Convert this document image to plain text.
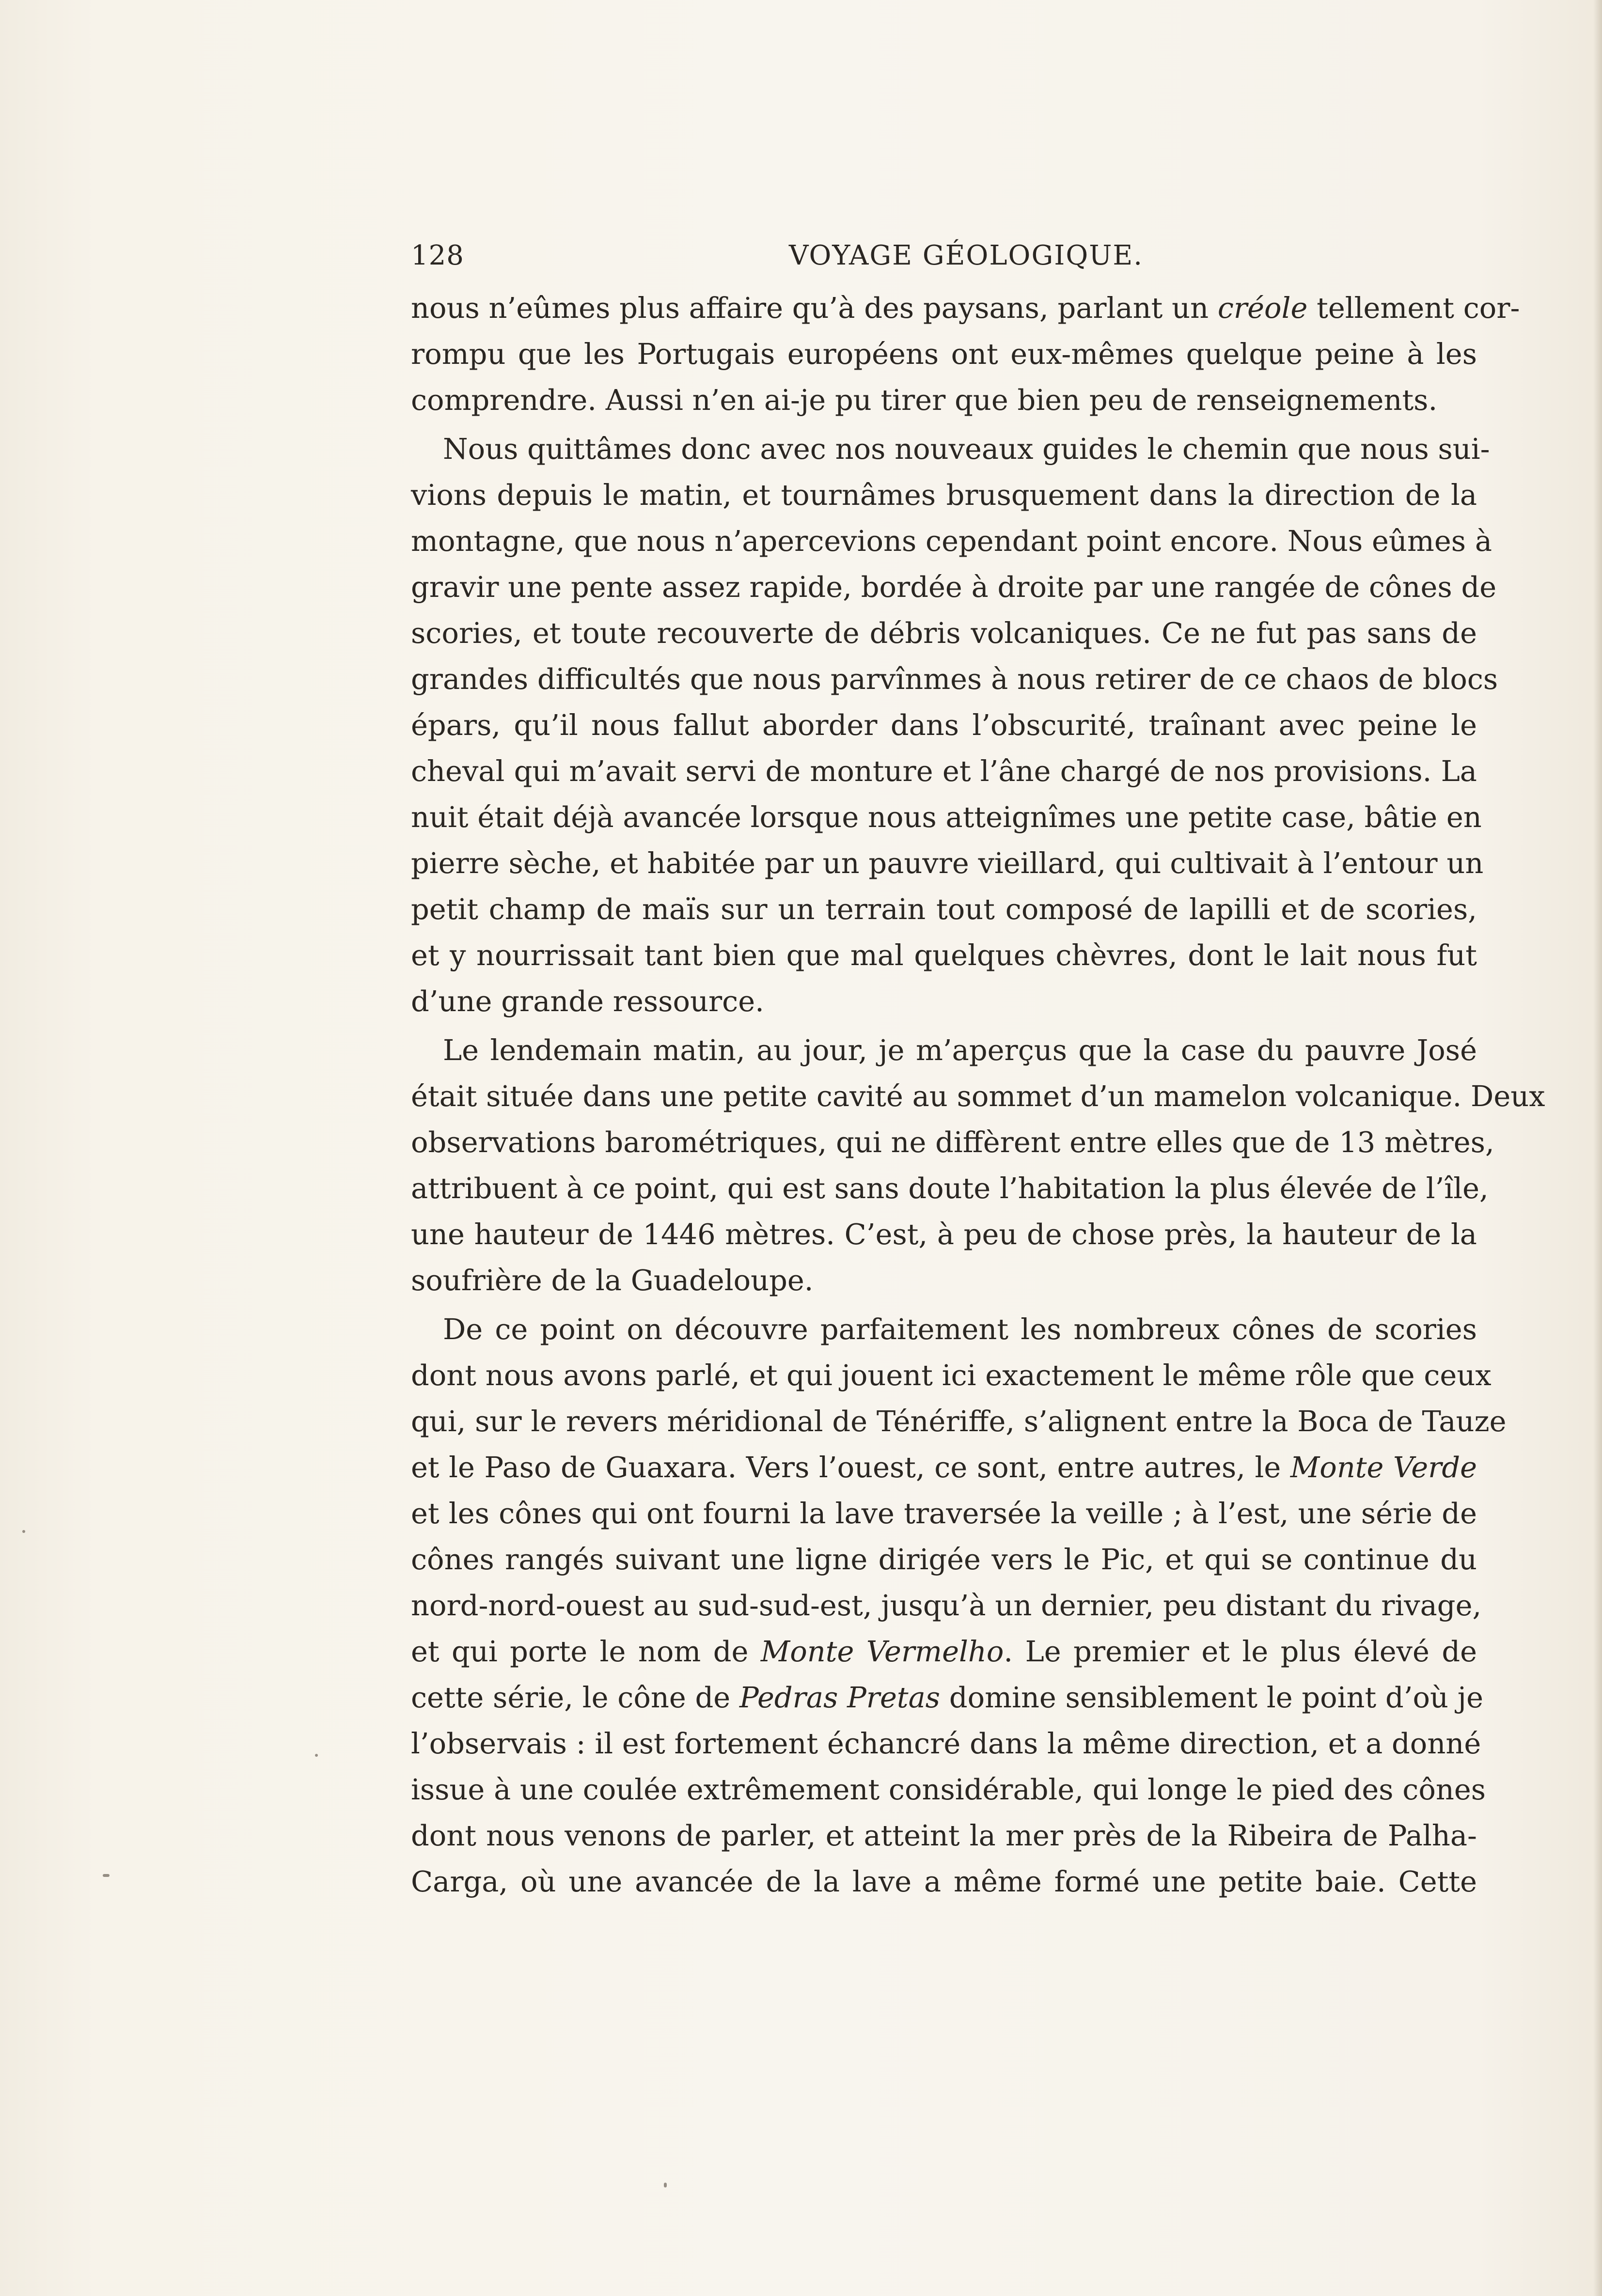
128	VOYAGE GÉOLOGIQUE.
nous n’eûmes plus affaire qu’à des paysans, parlant un créole tellement cor-
rompu que les Portugais européens ont eux-mêmes quelque peine à les
comprendre. Aussi n’en ai-je pu tirer que bien peu de renseignements.
Nous quittâmes donc avec nos nouveaux guides le chemin que nous sui-
vions depuis le matin, et tournâmes brusquement dans la direction de la
montagne, que nous n’apercevions cependant point encore. Nous eûmes à
gravir une pente assez rapide, bordée à droite par une rangée de cônes de
scories, et toute recouverte de débris volcaniques. Ce ne fut pas sans de
grandes difficultés que nous parvînmes à nous retirer de ce chaos de blocs
épars, qu’il nous fallut aborder dans l’obscurité, traînant avec peine le
cheval qui m’avait servi de monture et l’âne chargé de nos provisions. La
nuit était déjà avancée lorsque nous atteignîmes une petite case, bâtie en
pierre sèche, et habitée par un pauvre vieillard, qui cultivait à l’entour un
petit champ de maïs sur un terrain tout composé de lapilli et de scories,
et y nourrissait tant bien que mal quelques chèvres, dont le lait nous fut
d’une grande ressource.
Le lendemain matin, au jour, je m’aperçus que la case du pauvre José
était située dans une petite cavité au sommet d’un mamelon volcanique. Deux
observations barométriques, qui ne diffèrent entre elles que de 13 mètres,
attribuent à ce point, qui est sans doute l’habitation la plus élevée de l’île,
une hauteur de 1446 mètres. C’est, à peu de chose près, la hauteur de la
soufrière de la Guadeloupe.
De ce point on découvre parfaitement les nombreux cônes de scories
dont nous avons parlé, et qui jouent ici exactement le même rôle que ceux
qui, sur le revers méridional de Ténériffe, s’alignent entre la Boca de Tauze
et le Paso de Guaxara. Vers l’ouest, ce sont, entre autres, le Monte Verde
et les cônes qui ont fourni la lave traversée la veille ; à l’est, une série de
cônes rangés suivant une ligne dirigée vers le Pic, et qui se continue du
nord-nord-ouest au sud-sud-est, jusqu’à un dernier, peu distant du rivage,
et qui porte le nom de Monte Vermelho. Le premier et le plus élevé de
cette série, le cône de Pedras Pretas domine sensiblement le point d’où je
l’observais : il est fortement échancré dans la même direction, et a donné
issue à une coulée extrêmement considérable, qui longe le pied des cônes
dont nous venons de parler, et atteint la mer près de la Ribeira de Palha-
Carga, où une avancée de la lave a même formé une petite baie. Cette
